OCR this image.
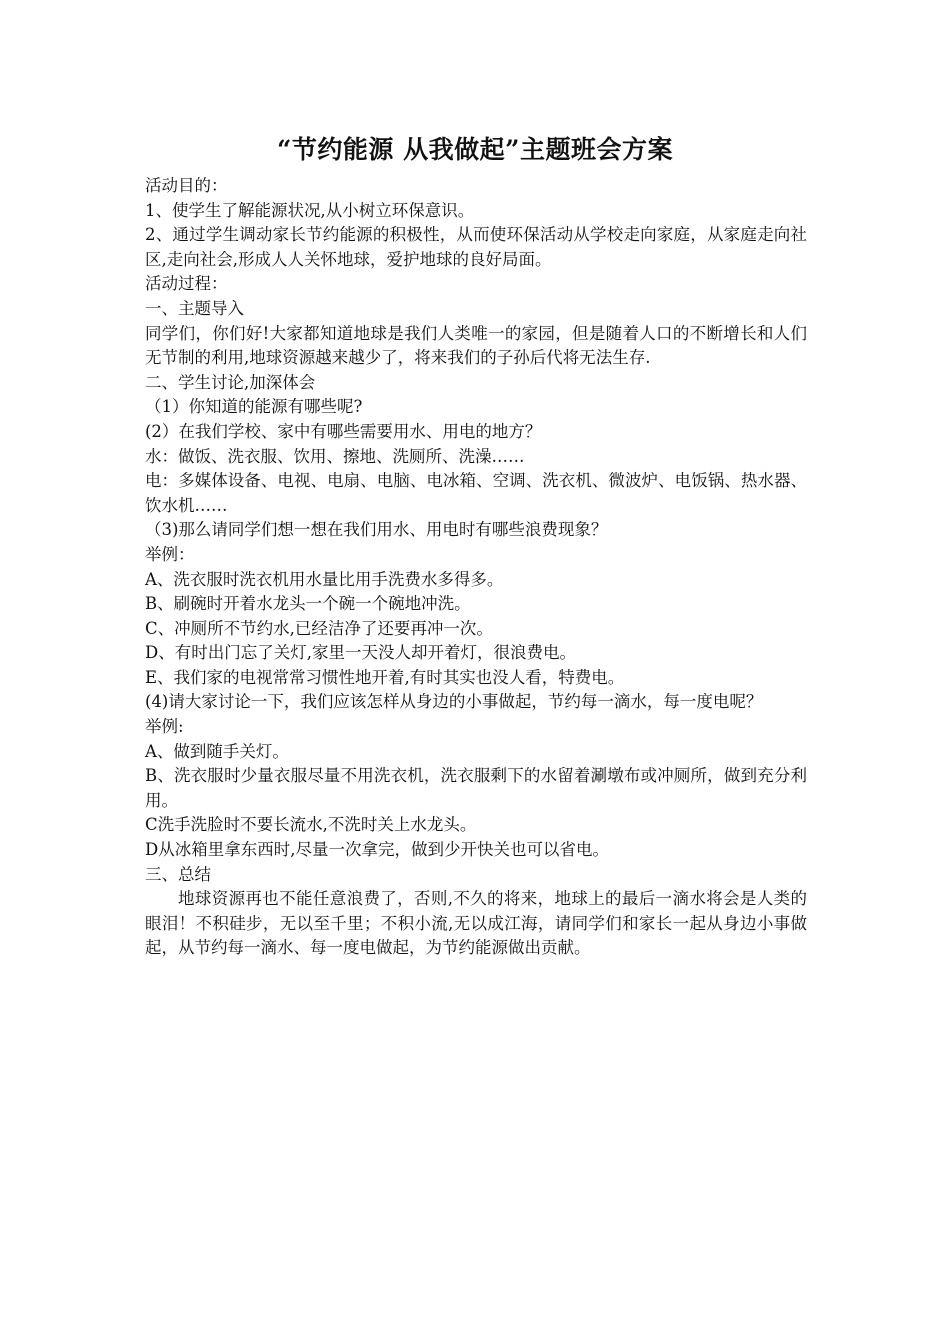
“节约能源 从我做起”主题班会方案

活动目的：

1、使学生了解能源状况,从小树立环保意识。

2、通过学生调动家长节约能源的积极性，从而使环保活动从学校走向家庭，从家庭走向社区,走向社会,形成人人关怀地球，爱护地球的良好局面。

活动过程：

一、主题导入

同学们，你们好!大家都知道地球是我们人类唯一的家园，但是随着人口的不断增长和人们无节制的利用,地球资源越来越少了，将来我们的子孙后代将无法生存.

二、学生讨论,加深体会

（1）你知道的能源有哪些呢?

(2）在我们学校、家中有哪些需要用水、用电的地方？

水：做饭、洗衣服、饮用、擦地、洗厕所、洗澡……

电：多媒体设备、电视、电扇、电脑、电冰箱、空调、洗衣机、微波炉、电饭锅、热水器、饮水机……

（3)那么请同学们想一想在我们用水、用电时有哪些浪费现象？

举例：

A、洗衣服时洗衣机用水量比用手洗费水多得多。

B、刷碗时开着水龙头一个碗一个碗地冲洗。

C、冲厕所不节约水,已经洁净了还要再冲一次。

D、有时出门忘了关灯,家里一天没人却开着灯，很浪费电。

E、我们家的电视常常习惯性地开着,有时其实也没人看，特费电。

(4)请大家讨论一下，我们应该怎样从身边的小事做起，节约每一滴水，每一度电呢？

举例:

A、做到随手关灯。

B、洗衣服时少量衣服尽量不用洗衣机，洗衣服剩下的水留着涮墩布或冲厕所，做到充分利用。

C洗手洗脸时不要长流水,不洗时关上水龙头。

D从冰箱里拿东西时,尽量一次拿完，做到少开快关也可以省电。

三、总结

地球资源再也不能任意浪费了，否则,不久的将来，地球上的最后一滴水将会是人类的眼泪！不积硅步，无以至千里；不积小流,无以成江海，请同学们和家长一起从身边小事做起，从节约每一滴水、每一度电做起，为节约能源做出贡献。
